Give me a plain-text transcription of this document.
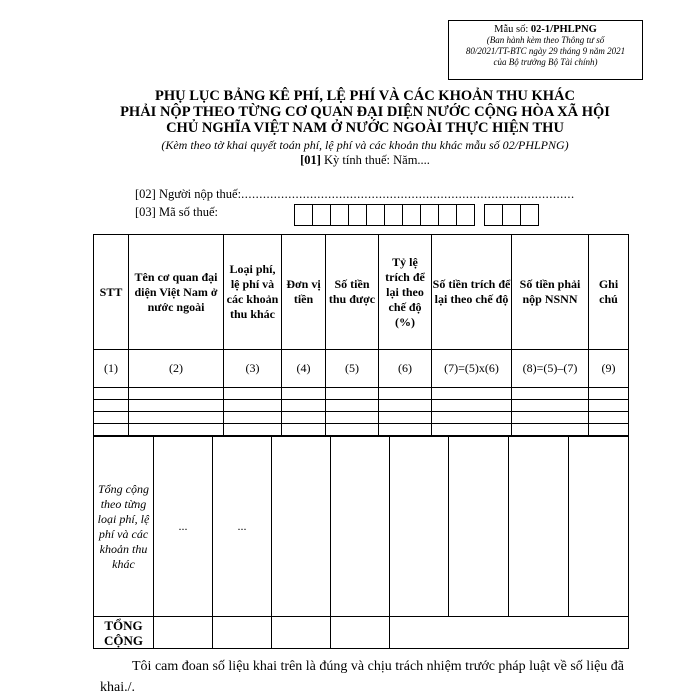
Mẫu số: 02-1/PHLPNG
(Ban hành kèm theo Thông tư số
80/2021/TT-BTC ngày 29 tháng 9 năm 2021
của Bộ trưởng Bộ Tài chính)
PHỤ LỤC BẢNG KÊ PHÍ, LỆ PHÍ VÀ CÁC KHOẢN THU KHÁC
PHẢI NỘP THEO TỪNG CƠ QUAN ĐẠI DIỆN NƯỚC CỘNG HÒA XÃ HỘI
CHỦ NGHĨA VIỆT NAM Ở NƯỚC NGOÀI THỰC HIỆN THU
(Kèm theo tờ khai quyết toán phí, lệ phí và các khoản thu khác mẫu số 02/PHLPNG)
[01] Kỳ tính thuế: Năm....
[02] Người nộp thuế:............................................................................................
[03] Mã số thuế:
STT	Tên cơ quan đại diện Việt Nam ở nước ngoài	Loại phí, lệ phí và các khoản thu khác	Đơn vị tiền	Số tiền thu được	Tỷ lệ trích để lại theo chế độ (%)	Số tiền trích để lại theo chế độ	Số tiền phải nộp NSNN	Ghi chú
(1)	(2)	(3)	(4)	(5)	(6)	(7)=(5)x(6)	(8)=(5)–(7)	(9)

Tổng cộng theo từng loại phí, lệ phí và các khoản thu khác	...	...						
TỔNG CỘNG								
Tôi cam đoan số liệu khai trên là đúng và chịu trách nhiệm trước pháp luật về số liệu đã khai./.
